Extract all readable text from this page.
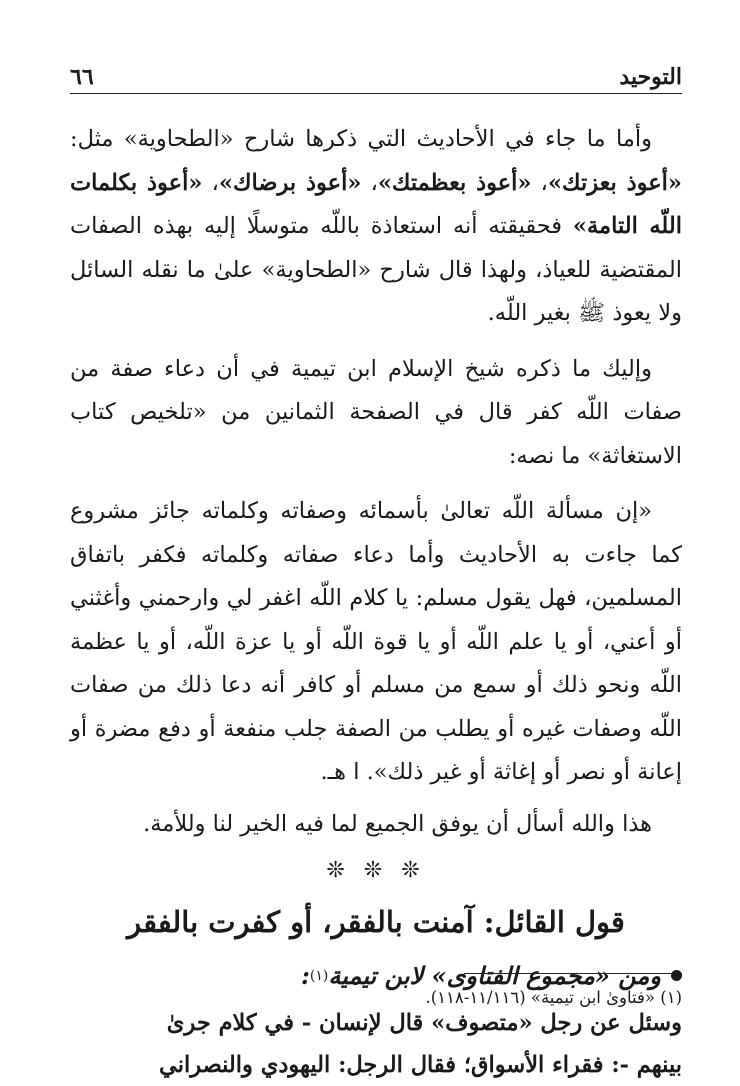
التوحيد
٦٦

وأما ما جاء في الأحاديث التي ذكرها شارح «الطحاوية» مثل: «أعوذ بعزتك»، «أعوذ بعظمتك»، «أعوذ برضاك»، «أعوذ بكلمات اللّه التامة» فحقيقته أنه استعاذة باللّه متوسلًا إليه بهذه الصفات المقتضية للعياذ، ولهذا قال شارح «الطحاوية» علىٰ ما نقله السائل ولا يعوذ ﷺ بغير اللّه.

وإليك ما ذكره شيخ الإسلام ابن تيمية في أن دعاء صفة من صفات اللّه كفر قال في الصفحة الثمانين من «تلخيص كتاب الاستغاثة» ما نصه:

«إن مسألة اللّه تعالىٰ بأسمائه وصفاته وكلماته جائز مشروع كما جاءت به الأحاديث وأما دعاء صفاته وكلماته فكفر باتفاق المسلمين، فهل يقول مسلم: يا كلام اللّه اغفر لي وارحمني وأغثني أو أعني، أو يا علم اللّه أو يا قوة اللّه أو يا عزة اللّه، أو يا عظمة اللّه ونحو ذلك أو سمع من مسلم أو كافر أنه دعا ذلك من صفات اللّه وصفات غيره أو يطلب من الصفة جلب منفعة أو دفع مضرة أو إعانة أو نصر أو إغاثة أو غير ذلك». ا هـ.

هذا والله أسأل أن يوفق الجميع لما فيه الخير لنا وللأمة.

❊ ❊ ❊
قول القائل: آمنت بالفقر، أو كفرت بالفقر
ومن «مجموع الفتاوى» لابن تيمية
(١)
:
وسئل عن رجل «متصوف» قال لإنسان - في كلام جرىٰ
بينهم -: فقراء الأسواق؛ فقال الرجل: اليهودي والنصراني
(١) «فتاوىٰ ابن تيمية» (١١/١١٦-١١٨).
